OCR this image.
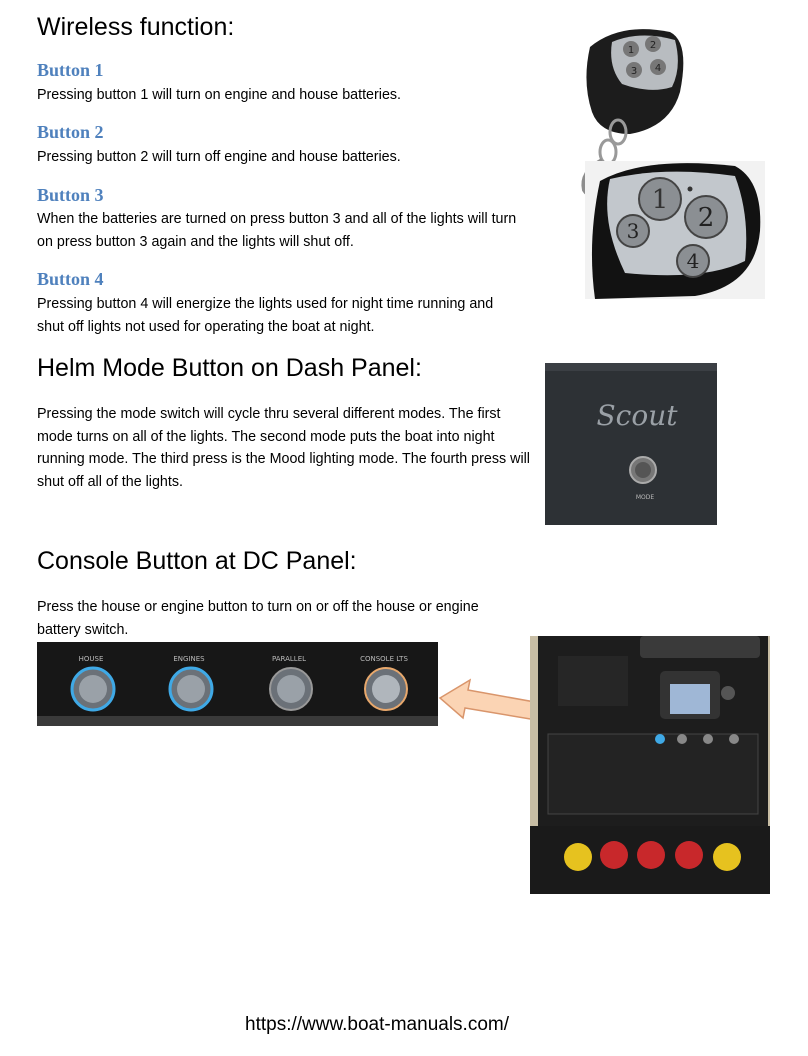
Wireless function:
Button 1

Pressing button 1 will turn on engine and house batteries.

Button 2

Pressing button 2 will turn off engine and house batteries.

Button 3

When the batteries are turned on press button 3 and all of the lights will turn on press button 3 again and the lights will shut off.

Button 4

Pressing button 4 will energize the lights used for night time running and shut off lights not used for operating the boat at night.

1 2
3 4
1
2
3
4
Helm Mode Button on Dash Panel:

Pressing the mode switch will cycle thru several different modes. The first mode turns on all of the lights. The second mode puts the boat into night running mode. The third press is the Mood lighting mode. The fourth press will shut off all of the lights.

Scout
MODE
Console Button at DC Panel:

Press the house or engine button to turn on or off the house or engine battery switch.

HOUSE	ENGINES	PARALLEL	CONSOLE LTS
https://www.boat-manuals.com/
